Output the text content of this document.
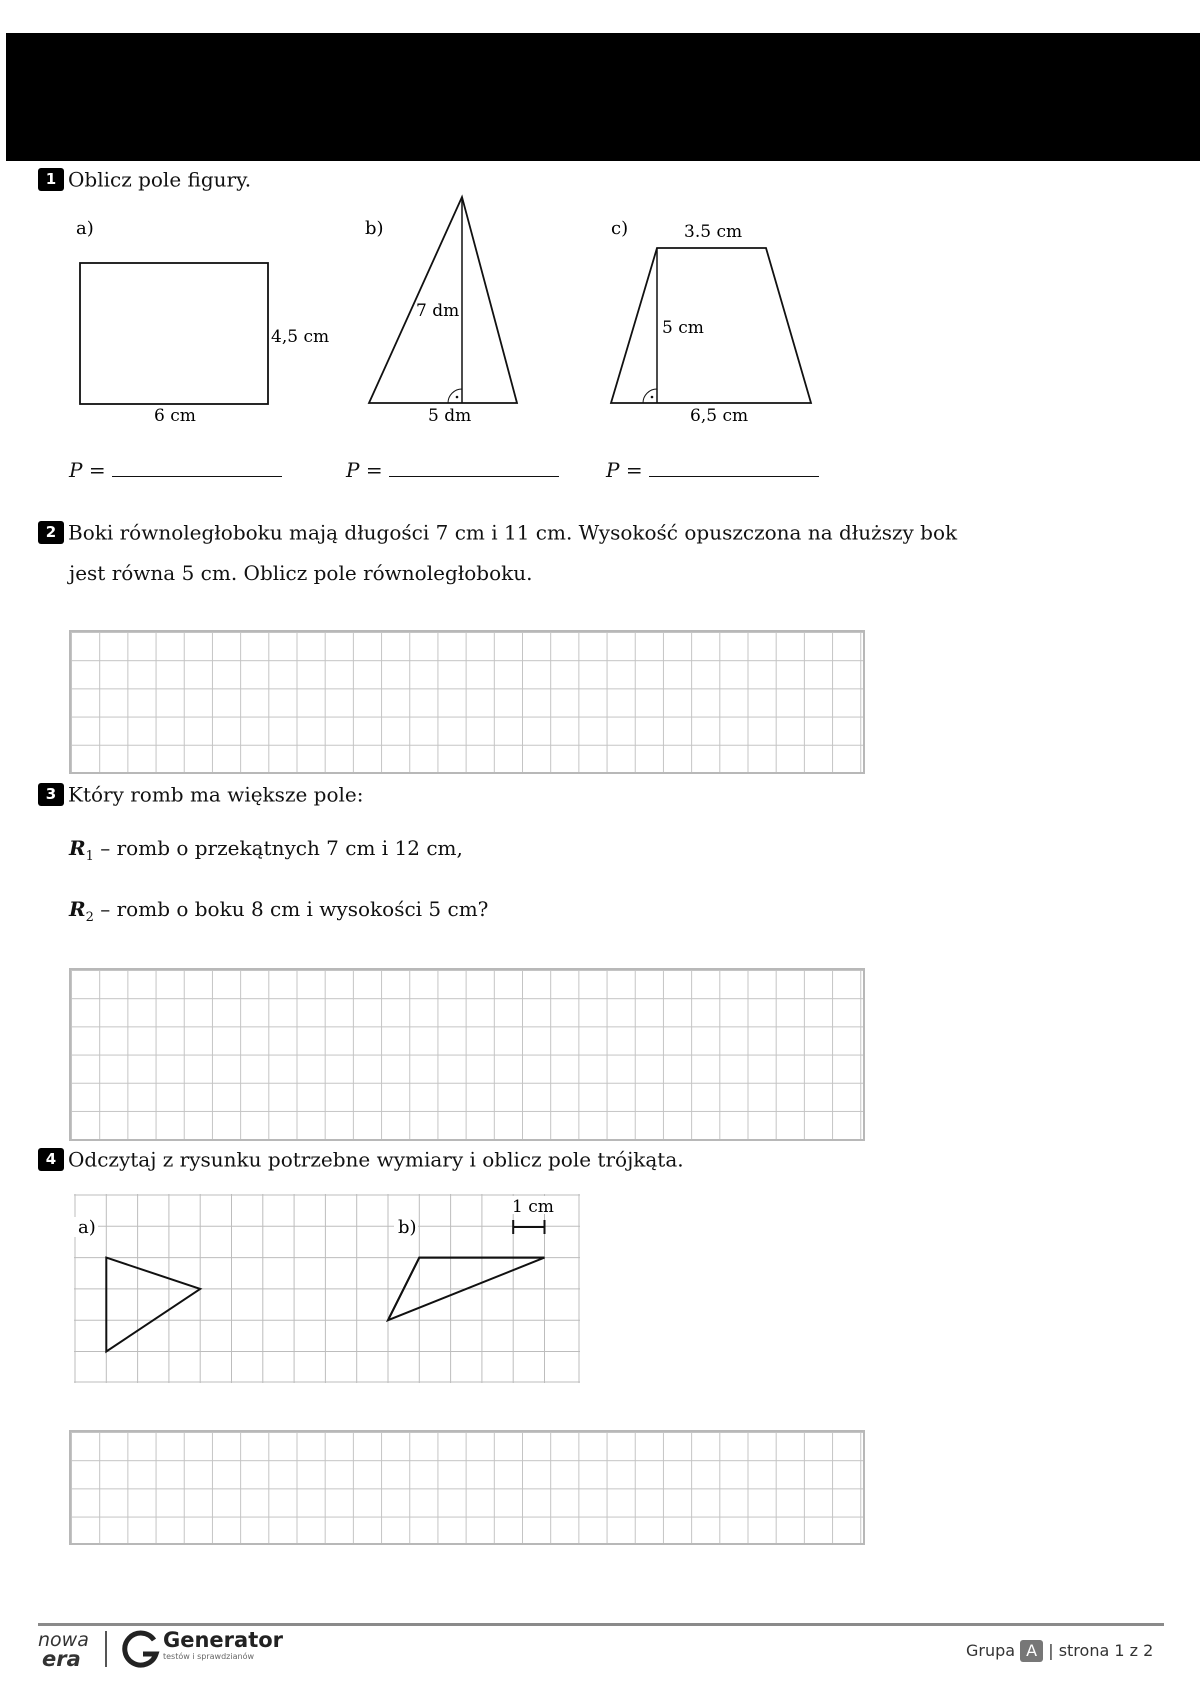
1 Oblicz pole figury.
a)
4,5 cm
6 cm
b)
7 dm
5 dm
c)	3.5 cm
5 cm
6,5 cm
P =	P =	P =
2 Boki równoległoboku mają długości 7 cm i 11 cm. Wysokość opuszczona na dłuższy bok
jest równa 5 cm. Oblicz pole równoległoboku.
3 Który romb ma większe pole:
$R_1$ – romb o przekątnych 7 cm i 12 cm,
$R_2$ – romb o boku 8 cm i wysokości 5 cm?
4 Odczytaj z rysunku potrzebne wymiary i oblicz pole trójkąta.
a)	b)
1 cm
nowa
era
Generator
testów i sprawdzianów	Grupa A | strona 1 z 2
